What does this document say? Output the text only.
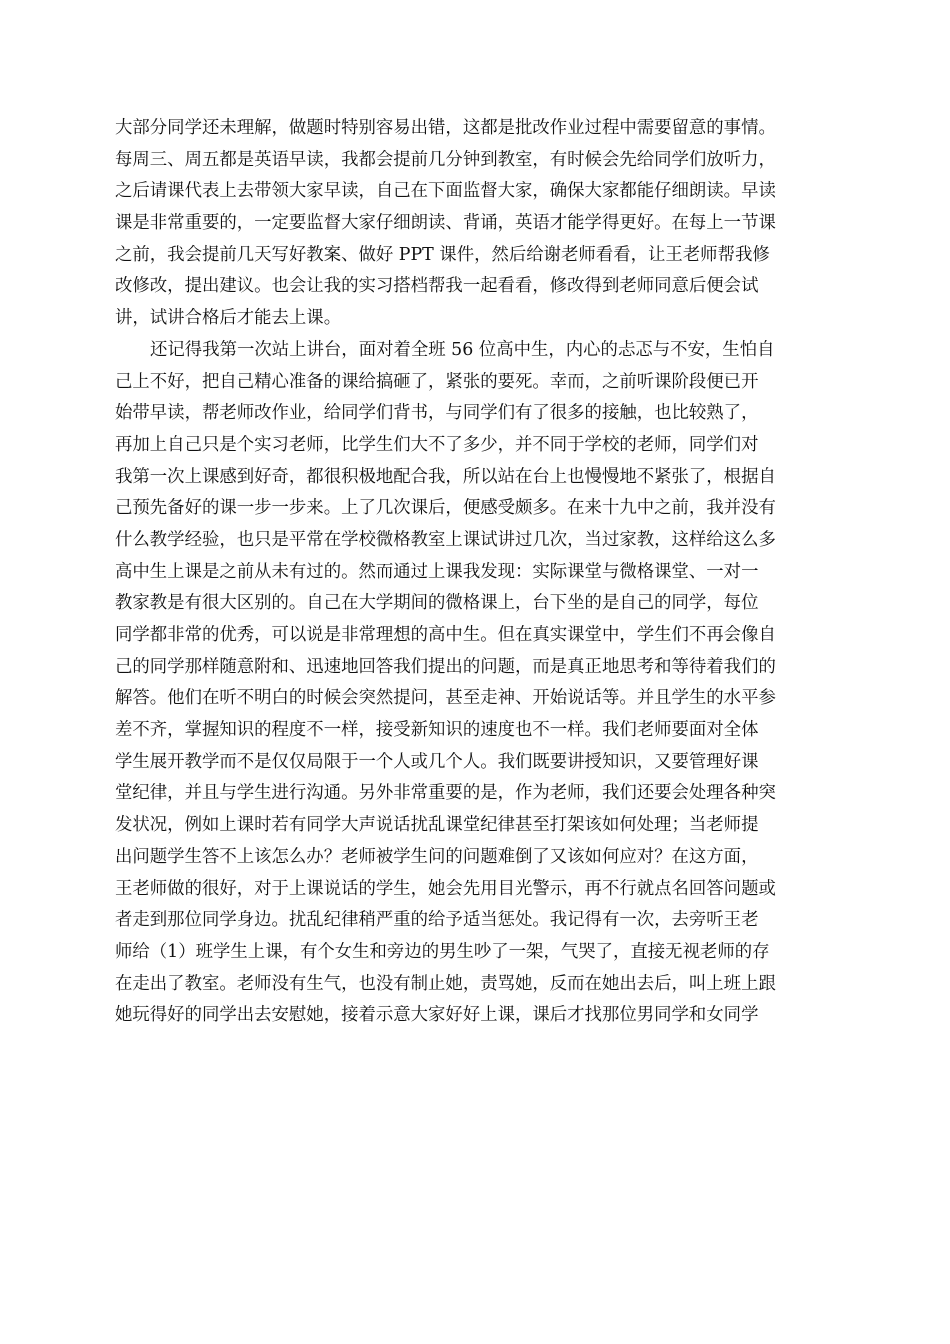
大部分同学还未理解，做题时特别容易出错，这都是批改作业过程中需要留意的事情。
每周三、周五都是英语早读，我都会提前几分钟到教室，有时候会先给同学们放听力，
之后请课代表上去带领大家早读，自己在下面监督大家，确保大家都能仔细朗读。早读
课是非常重要的，一定要监督大家仔细朗读、背诵，英语才能学得更好。在每上一节课
之前，我会提前几天写好教案、做好 PPT 课件，然后给谢老师看看，让王老师帮我修
改修改，提出建议。也会让我的实习搭档帮我一起看看，修改得到老师同意后便会试
讲，试讲合格后才能去上课。
还记得我第一次站上讲台，面对着全班 56 位高中生，内心的忐忑与不安，生怕自
己上不好，把自己精心准备的课给搞砸了，紧张的要死。幸而，之前听课阶段便已开
始带早读，帮老师改作业，给同学们背书，与同学们有了很多的接触，也比较熟了，
再加上自己只是个实习老师，比学生们大不了多少，并不同于学校的老师，同学们对
我第一次上课感到好奇，都很积极地配合我，所以站在台上也慢慢地不紧张了，根据自
己预先备好的课一步一步来。上了几次课后，便感受颇多。在来十九中之前，我并没有
什么教学经验，也只是平常在学校微格教室上课试讲过几次，当过家教，这样给这么多
高中生上课是之前从未有过的。然而通过上课我发现：实际课堂与微格课堂、一对一
教家教是有很大区别的。自己在大学期间的微格课上，台下坐的是自己的同学，每位
同学都非常的优秀，可以说是非常理想的高中生。但在真实课堂中，学生们不再会像自
己的同学那样随意附和、迅速地回答我们提出的问题，而是真正地思考和等待着我们的
解答。他们在听不明白的时候会突然提问，甚至走神、开始说话等。并且学生的水平参
差不齐，掌握知识的程度不一样，接受新知识的速度也不一样。我们老师要面对全体
学生展开教学而不是仅仅局限于一个人或几个人。我们既要讲授知识，又要管理好课
堂纪律，并且与学生进行沟通。另外非常重要的是，作为老师，我们还要会处理各种突
发状况，例如上课时若有同学大声说话扰乱课堂纪律甚至打架该如何处理；当老师提
出问题学生答不上该怎么办？老师被学生问的问题难倒了又该如何应对？在这方面，
王老师做的很好，对于上课说话的学生，她会先用目光警示，再不行就点名回答问题或
者走到那位同学身边。扰乱纪律稍严重的给予适当惩处。我记得有一次，去旁听王老
师给（1）班学生上课，有个女生和旁边的男生吵了一架，气哭了，直接无视老师的存
在走出了教室。老师没有生气，也没有制止她，责骂她，反而在她出去后，叫上班上跟
她玩得好的同学出去安慰她，接着示意大家好好上课，课后才找那位男同学和女同学
